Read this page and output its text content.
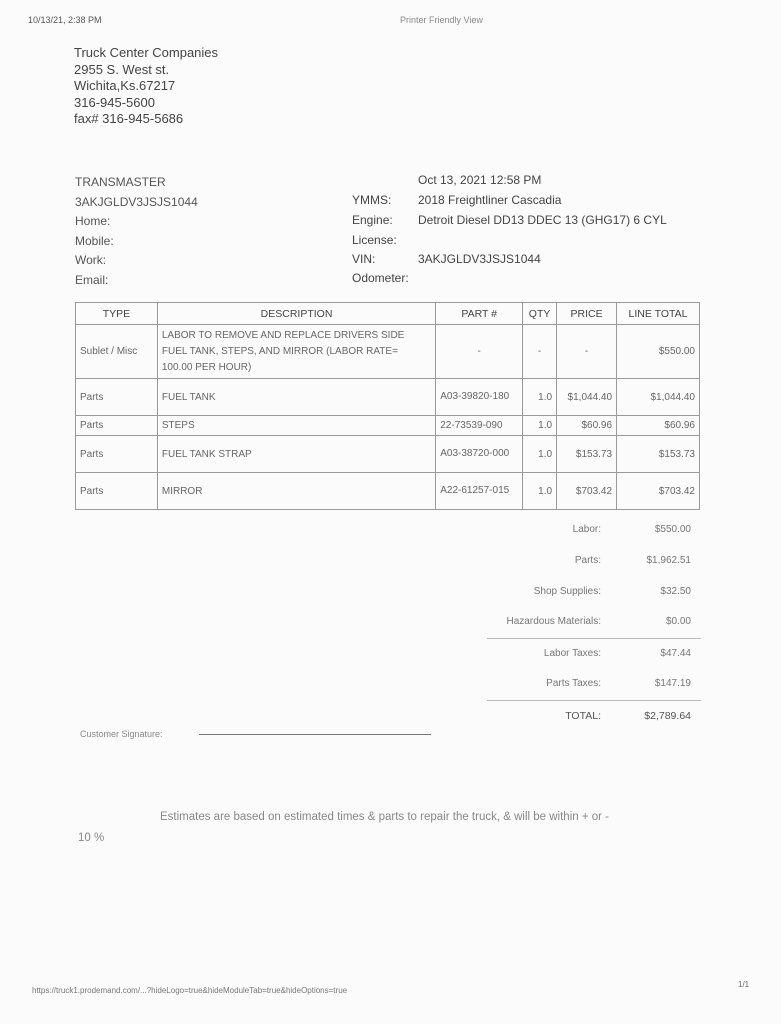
10/13/21, 2:38 PM	Printer Friendly View
Truck Center Companies
2955 S. West st.
Wichita,Ks.67217
316-945-5600
fax# 316-945-5686
TRANSMASTER
3AKJGLDV3JSJS1044
Home:
Mobile:
Work:
Email:
Oct 13, 2021 12:58 PM
YMMS: 2018 Freightliner Cascadia
Engine: Detroit Diesel DD13 DDEC 13 (GHG17) 6 CYL
License:
VIN:	3AKJGLDV3JSJS1044
Odometer:
TYPE	DESCRIPTION	PART #	QTY	PRICE	LINE TOTAL
Sublet / Misc	LABOR TO REMOVE AND REPLACE DRIVERS SIDE FUEL TANK, STEPS, AND MIRROR (LABOR RATE= 100.00 PER HOUR)	-	-	-	$550.00
Parts	FUEL TANK	A03-39820-180	1.0	$1,044.40	$1,044.40
Parts	STEPS	22-73539-090	1.0	$60.96	$60.96
Parts	FUEL TANK STRAP	A03-38720-000	1.0	$153.73	$153.73
Parts	MIRROR	A22-61257-015	1.0	$703.42	$703.42
Labor:	$550.00
Parts:	$1,962.51
Shop Supplies:	$32.50
Hazardous Materials:	$0.00
Labor Taxes:	$47.44
Parts Taxes:	$147.19
TOTAL:	$2,789.64
Customer Signature:
Estimates are based on estimated times & parts to repair the truck, & will be within + or -
10 %
https://truck1.prodemand.com/...?hideLogo=true&hideModuleTab=true&hideOptions=true
1/1
